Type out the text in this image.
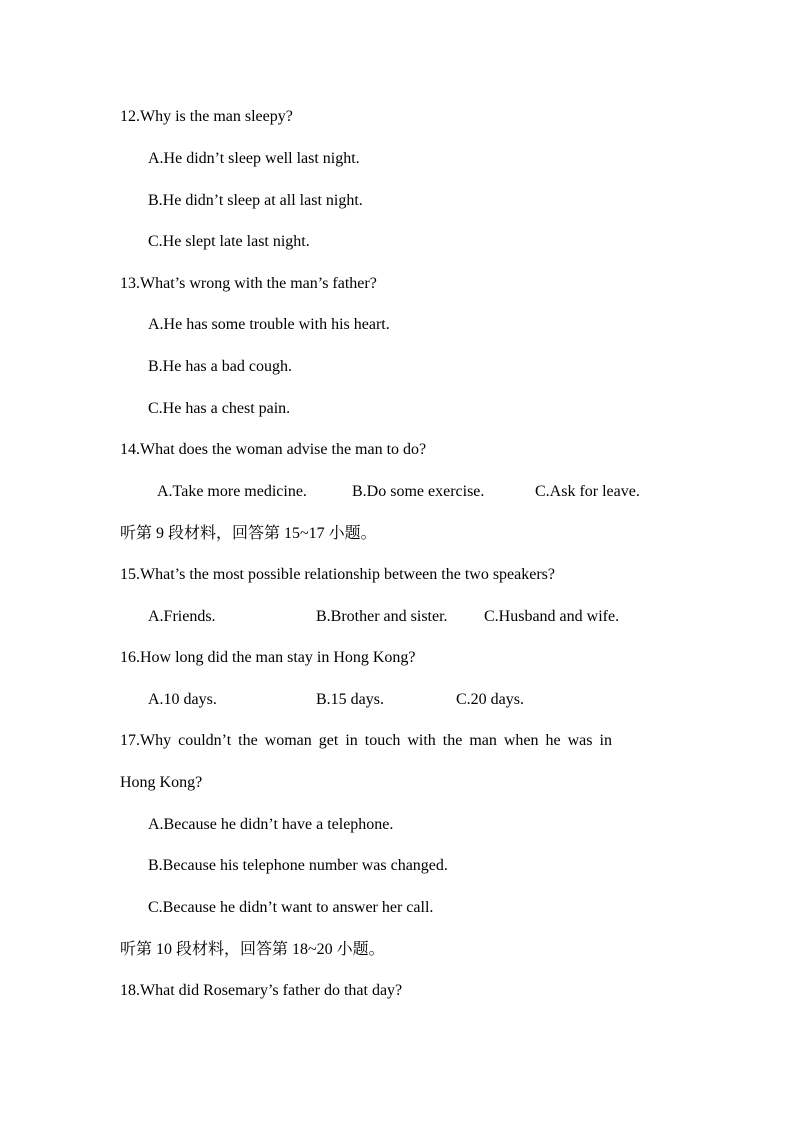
12.Why is the man sleepy?
A.He didn’t sleep well last night.
B.He didn’t sleep at all last night.
C.He slept late last night.
13.What’s wrong with the man’s father?
A.He has some trouble with his heart.
B.He has a bad cough.
C.He has a chest pain.
14.What does the woman advise the man to do?
A.Take more medicine.	B.Do some exercise.	C.Ask for leave.
听第 9 段材料，回答第 15~17 小题。
15.What’s the most possible relationship between the two speakers?
A.Friends.	B.Brother and sister. C.Husband and wife.
16.How long did the man stay in Hong Kong?
A.10 days.	B.15 days.	C.20 days.
17.Why couldn’t the woman get in touch with the man when he was in
Hong Kong?
A.Because he didn’t have a telephone.
B.Because his telephone number was changed.
C.Because he didn’t want to answer her call.
听第 10 段材料，回答第 18~20 小题。
18.What did Rosemary’s father do that day?
